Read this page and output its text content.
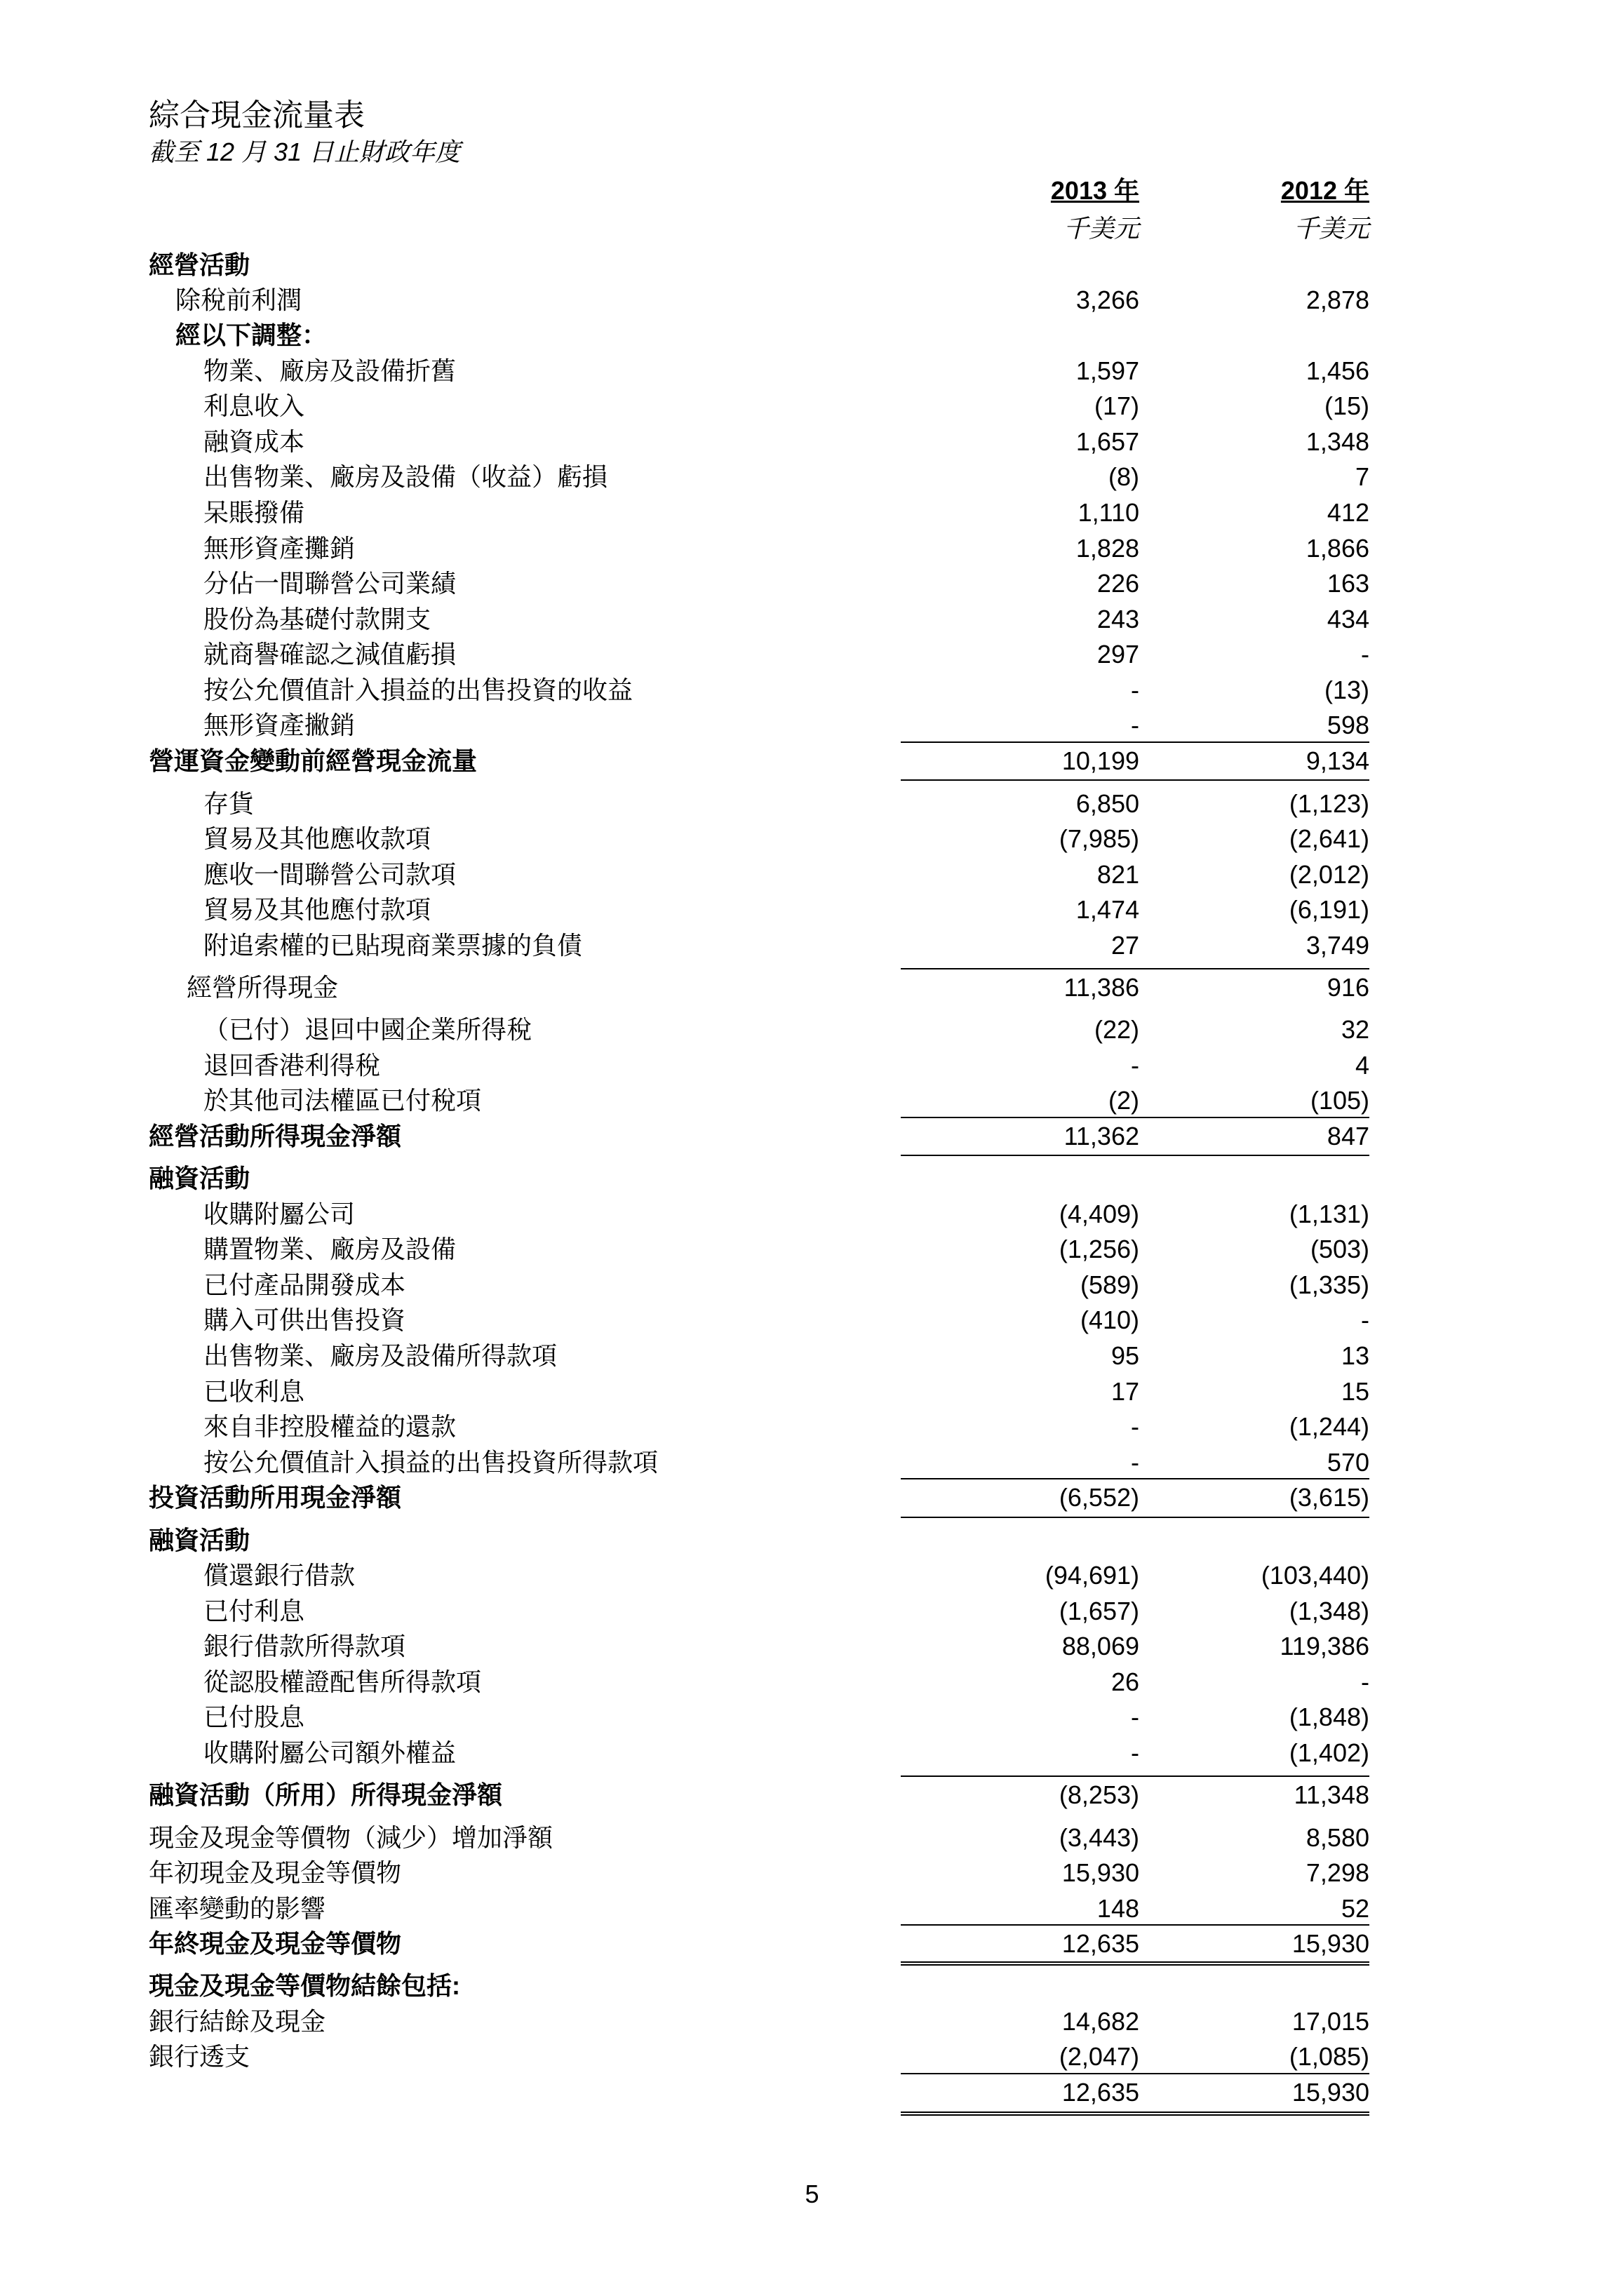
綜合現金流量表
截至 12 月 31 日止財政年度
2013 年	2012 年
千美元	千美元
經營活動
除稅前利潤	3,266	2,878
經以下調整：
物業、廠房及設備折舊	1,597	1,456
利息收入	(17)	(15)
融資成本	1,657	1,348
出售物業、廠房及設備（收益）虧損	(8)	7
呆賬撥備	1,110	412
無形資產攤銷	1,828	1,866
分佔一間聯營公司業績	226	163
股份為基礎付款開支	243	434
就商譽確認之減值虧損	297	-
按公允價值計入損益的出售投資的收益	-	(13)
無形資產撇銷	-	598
營運資金變動前經營現金流量	10,199	9,134
存貨	6,850	(1,123)
貿易及其他應收款項	(7,985)	(2,641)
應收一間聯營公司款項	821	(2,012)
貿易及其他應付款項	1,474	(6,191)
附追索權的已貼現商業票據的負債	27	3,749
經營所得現金	11,386	916
（已付）退回中國企業所得稅	(22)	32
退回香港利得稅	-	4
於其他司法權區已付稅項	(2)	(105)
經營活動所得現金淨額	11,362	847
融資活動
收購附屬公司	(4,409)	(1,131)
購置物業、廠房及設備	(1,256)	(503)
已付產品開發成本	(589)	(1,335)
購入可供出售投資	(410)	-
出售物業、廠房及設備所得款項	95	13
已收利息	17	15
來自非控股權益的還款	-	(1,244)
按公允價值計入損益的出售投資所得款項	-	570
投資活動所用現金淨額	(6,552)	(3,615)
融資活動
償還銀行借款	(94,691)	(103,440)
已付利息	(1,657)	(1,348)
銀行借款所得款項	88,069	119,386
從認股權證配售所得款項	26	-
已付股息	-	(1,848)
收購附屬公司額外權益	-	(1,402)
融資活動（所用）所得現金淨額	(8,253)	11,348
現金及現金等價物（減少）增加淨額	(3,443)	8,580
年初現金及現金等價物	15,930	7,298
匯率變動的影響	148	52
年終現金及現金等價物	12,635	15,930
現金及現金等價物結餘包括:
銀行結餘及現金	14,682	17,015
銀行透支	(2,047)	(1,085)
12,635	15,930
5
